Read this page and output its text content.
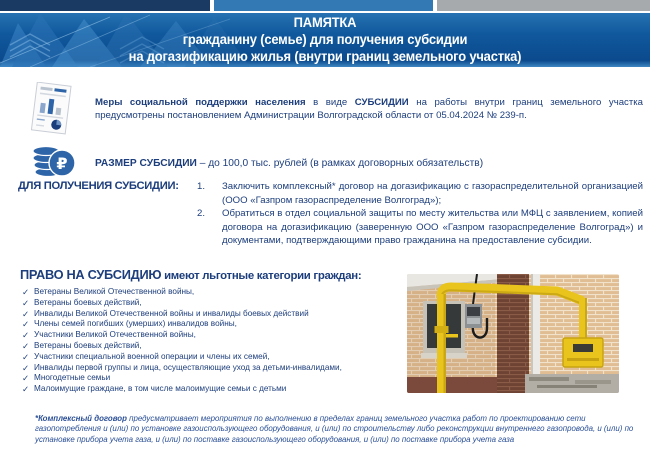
ПАМЯТКА
гражданину (семье) для получения субсидии
на догазификацию жилья (внутри границ земельного участка)

Меры социальной поддержки населения в виде СУБСИДИИ на работы внутри границ земельного участка предусмотрены постановлением Администрации Волгоградской области от 05.04.2024 № 239-п.

₽	РАЗМЕР СУБСИДИИ – до 100,0 тыс. рублей (в рамках договорных обязательств)

ДЛЯ ПОЛУЧЕНИЯ СУБСИДИИ: 1.	Заключить комплексный* договор на догазификацию с газораспределительной организацией (ООО «Газпром газораспределение Волгоград»);
2.	Обратиться в отдел социальной защиты по месту жительства или МФЦ с заявлением, копией договора на догазификацию (заверенную ООО «Газпром газораспределение Волгоград») и документами, подтверждающими право гражданина на предоставление субсидии.
ПРАВО НА СУБСИДИЮ имеют льготные категории граждан:
✓ Ветераны Великой Отечественной войны,
✓ Ветераны боевых действий,
✓ Инвалиды Великой Отечественной войны и инвалиды боевых действий
✓ Члены семей погибших (умерших) инвалидов войны,
✓ Участники Великой Отечественной войны,
✓ Ветераны боевых действий,
✓ Участники специальной военной операции и члены их семей,
✓ Инвалиды первой группы и лица, осуществляющие уход за детьми-инвалидами,
✓ Многодетные семьи
✓ Малоимущие граждане, в том числе малоимущие семьи с детьми

*Комплексный договор предусматривает мероприятия по выполнению в пределах границ земельного участка работ по проектированию сети газопотребления и (или) по установке газоиспользующего оборудования, и (или) по строительству либо реконструкции внутреннего газопровода, и (или) по установке прибора учета газа, и (или) по поставке газоиспользующего оборудования, и (или) по поставке прибора учета газа
